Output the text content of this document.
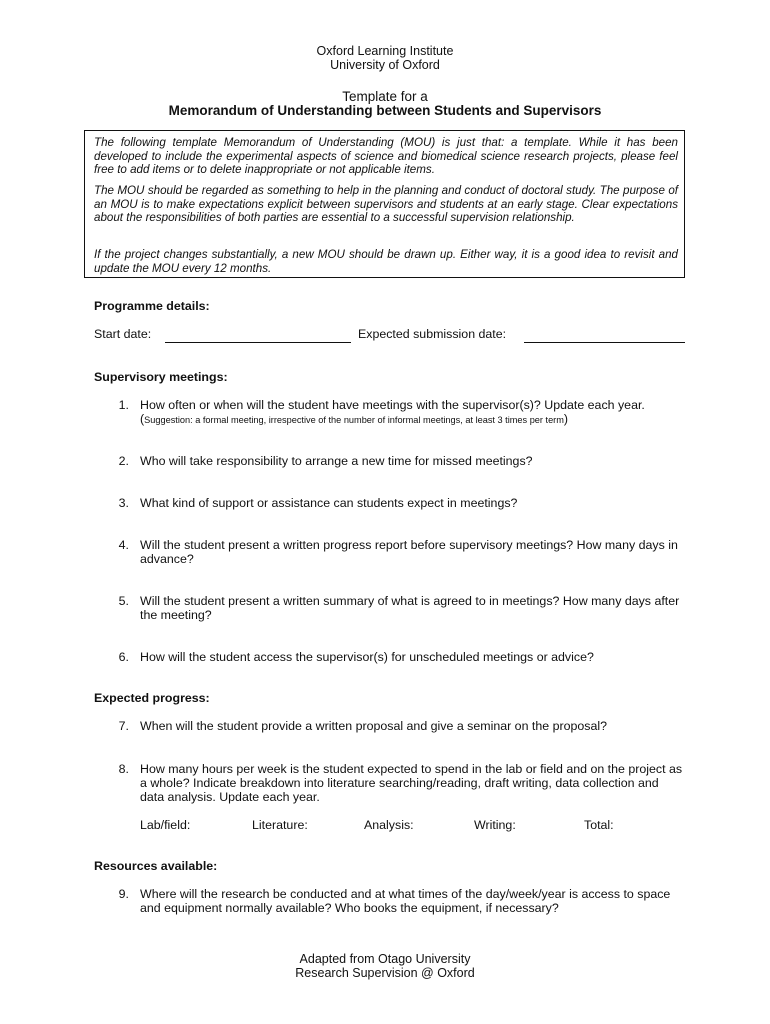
Oxford Learning Institute
University of Oxford
Template for a
Memorandum of Understanding between Students and Supervisors

The following template Memorandum of Understanding (MOU) is just that: a template. While it has been developed to include the experimental aspects of science and biomedical science research projects, please feel free to add items or to delete inappropriate or not applicable items.

The MOU should be regarded as something to help in the planning and conduct of doctoral study. The purpose of an MOU is to make expectations explicit between supervisors and students at an early stage. Clear expectations about the responsibilities of both parties are essential to a successful supervision relationship.

If the project changes substantially, a new MOU should be drawn up. Either way, it is a good idea to revisit and update the MOU every 12 months.

Programme details:
Start date:	Expected submission date:
Supervisory meetings:
1. How often or when will the student have meetings with the supervisor(s)? Update each year.
(Suggestion: a formal meeting, irrespective of the number of informal meetings, at least 3 times per term)
2. Who will take responsibility to arrange a new time for missed meetings?
3. What kind of support or assistance can students expect in meetings?
4. Will the student present a written progress report before supervisory meetings? How many days in advance?
5. Will the student present a written summary of what is agreed to in meetings? How many days after the meeting?
6. How will the student access the supervisor(s) for unscheduled meetings or advice?
Expected progress:
7. When will the student provide a written proposal and give a seminar on the proposal?
8. How many hours per week is the student expected to spend in the lab or field and on the project as a whole? Indicate breakdown into literature searching/reading, draft writing, data collection and data analysis. Update each year.
Lab/field:	Literature:	Analysis:	Writing:	Total:
Resources available:
9. Where will the research be conducted and at what times of the day/week/year is access to space and equipment normally available? Who books the equipment, if necessary?
Adapted from Otago University
Research Supervision @ Oxford
